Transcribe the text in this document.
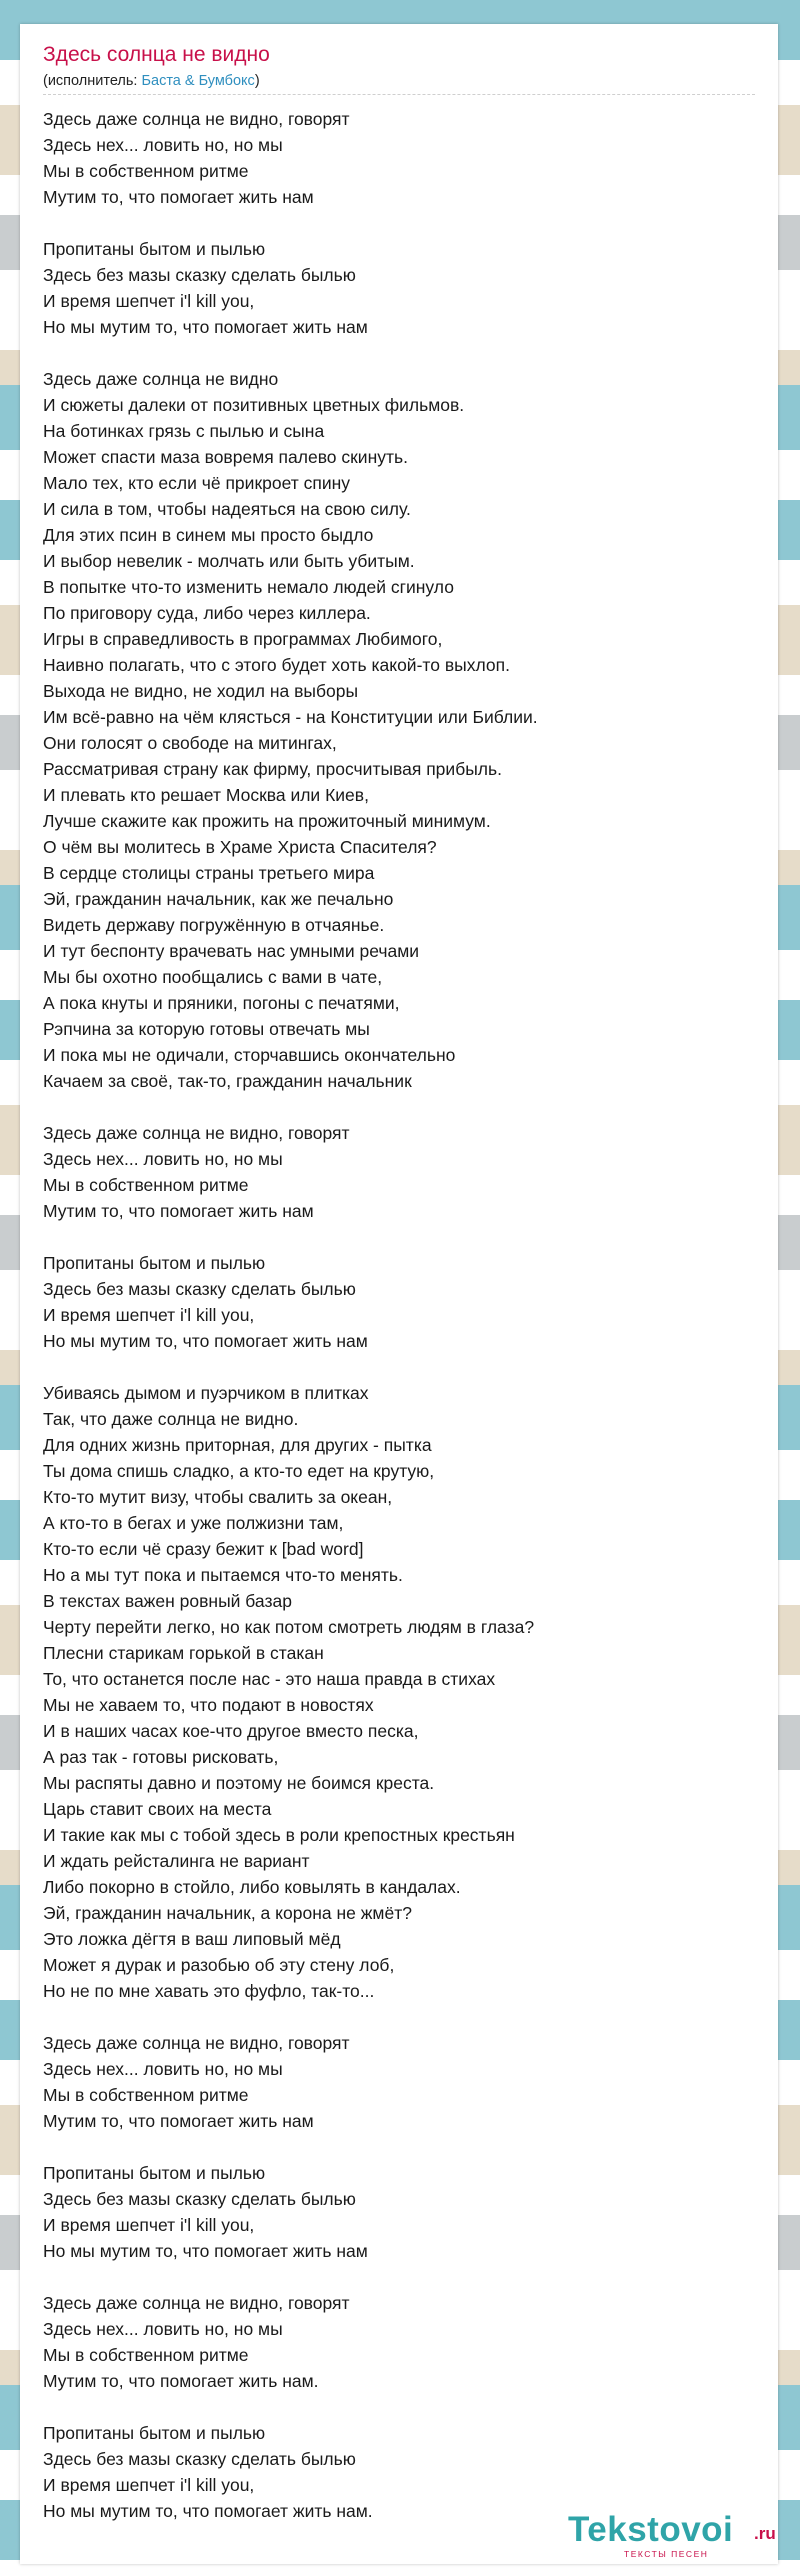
Здесь солнца не видно
(исполнитель: Баста & Бумбокс)
Здесь даже солнца не видно, говорят
Здесь нех... ловить но, но мы
Мы в собственном ритме
Мутим то, что помогает жить нам
Пропитаны бытом и пылью
Здесь без мазы сказку сделать былью
И время шепчет i'l kill you,
Но мы мутим то, что помогает жить нам
Здесь даже солнца не видно
И сюжеты далеки от позитивных цветных фильмов.
На ботинках грязь с пылью и сына
Может спасти маза вовремя палево скинуть.
Мало тех, кто если чё прикроет спину
И сила в том, чтобы надеяться на свою силу.
Для этих псин в синем мы просто быдло
И выбор невелик - молчать или быть убитым.
В попытке что-то изменить немало людей сгинуло
По приговору суда, либо через киллера.
Игры в справедливость в программах Любимого,
Наивно полагать, что с этого будет хоть какой-то выхлоп.
Выхода не видно, не ходил на выборы
Им всё-равно на чём клясться - на Конституции или Библии.
Они голосят о свободе на митингах,
Рассматривая страну как фирму, просчитывая прибыль.
И плевать кто решает Москва или Киев,
Лучше скажите как прожить на прожиточный минимум.
О чём вы молитесь в Храме Христа Спасителя?
В сердце столицы страны третьего мира
Эй, гражданин начальник, как же печально
Видеть державу погружённую в отчаянье.
И тут беспонту врачевать нас умными речами
Мы бы охотно пообщались с вами в чате,
А пока кнуты и пряники, погоны с печатями,
Рэпчина за которую готовы отвечать мы
И пока мы не одичали, сторчавшись окончательно
Качаем за своё, так-то, гражданин начальник
Здесь даже солнца не видно, говорят
Здесь нех... ловить но, но мы
Мы в собственном ритме
Мутим то, что помогает жить нам
Пропитаны бытом и пылью
Здесь без мазы сказку сделать былью
И время шепчет i'l kill you,
Но мы мутим то, что помогает жить нам
Убиваясь дымом и пуэрчиком в плитках
Так, что даже солнца не видно.
Для одних жизнь приторная, для других - пытка
Ты дома спишь сладко, а кто-то едет на крутую,
Кто-то мутит визу, чтобы свалить за океан,
А кто-то в бегах и уже полжизни там,
Кто-то если чё сразу бежит к [bad word]
Но а мы тут пока и пытаемся что-то менять.
В текстах важен ровный базар
Черту перейти легко, но как потом смотреть людям в глаза?
Плесни старикам горькой в стакан
То, что останется после нас - это наша правда в стихах
Мы не хаваем то, что подают в новостях
И в наших часах кое-что другое вместо песка,
А раз так - готовы рисковать,
Мы распяты давно и поэтому не боимся креста.
Царь ставит своих на места
И такие как мы с тобой здесь в роли крепостных крестьян
И ждать рейсталинга не вариант
Либо покорно в стойло, либо ковылять в кандалах.
Эй, гражданин начальник, а корона не жмёт?
Это ложка дёгтя в ваш липовый мёд
Может я дурак и разобью об эту стену лоб,
Но не по мне хавать это фуфло, так-то...
Здесь даже солнца не видно, говорят
Здесь нех... ловить но, но мы
Мы в собственном ритме
Мутим то, что помогает жить нам
Пропитаны бытом и пылью
Здесь без мазы сказку сделать былью
И время шепчет i'l kill you,
Но мы мутим то, что помогает жить нам
Здесь даже солнца не видно, говорят
Здесь нех... ловить но, но мы
Мы в собственном ритме
Мутим то, что помогает жить нам.
Пропитаны бытом и пылью
Здесь без мазы сказку сделать былью
И время шепчет i'l kill you,
Но мы мутим то, что помогает жить нам.	Tekstovoi .ru
ТЕКСТЫ ПЕСЕН
